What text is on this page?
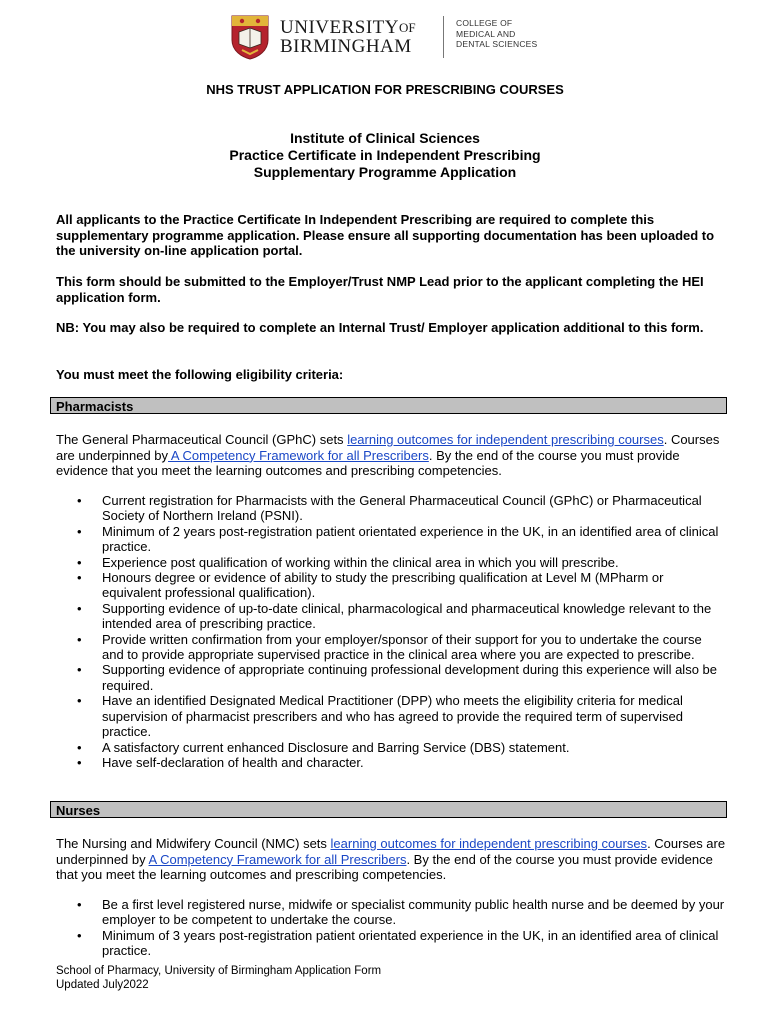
$UNIVERSITY^{OF}$
BIRMINGHAM
COLLEGE OF
MEDICAL AND
DENTAL SCIENCES
NHS TRUST APPLICATION FOR PRESCRIBING COURSES
Institute of Clinical Sciences
Practice Certificate in Independent Prescribing
Supplementary Programme Application
All applicants to the Practice Certificate In Independent Prescribing are required to complete this supplementary programme application. Please ensure all supporting documentation has been uploaded to the university on-line application portal.
This form should be submitted to the Employer/Trust NMP Lead prior to the applicant completing the HEI application form.
NB: You may also be required to complete an Internal Trust/ Employer application additional to this form.
You must meet the following eligibility criteria:
Pharmacists
The General Pharmaceutical Council (GPhC) sets learning outcomes for independent prescribing courses. Courses are underpinned by A Competency Framework for all Prescribers. By the end of the course you must provide evidence that you meet the learning outcomes and prescribing competencies.
• Current registration for Pharmacists with the General Pharmaceutical Council (GPhC) or Pharmaceutical Society of Northern Ireland (PSNI).
• Minimum of 2 years post-registration patient orientated experience in the UK, in an identified area of clinical practice.
• Experience post qualification of working within the clinical area in which you will prescribe.
• Honours degree or evidence of ability to study the prescribing qualification at Level M (MPharm or equivalent professional qualification).
• Supporting evidence of up-to-date clinical, pharmacological and pharmaceutical knowledge relevant to the intended area of prescribing practice.
• Provide written confirmation from your employer/sponsor of their support for you to undertake the course and to provide appropriate supervised practice in the clinical area where you are expected to prescribe.
• Supporting evidence of appropriate continuing professional development during this experience will also be required.
• Have an identified Designated Medical Practitioner (DPP) who meets the eligibility criteria for medical supervision of pharmacist prescribers and who has agreed to provide the required term of supervised practice.
• A satisfactory current enhanced Disclosure and Barring Service (DBS) statement.
• Have self-declaration of health and character.
Nurses
The Nursing and Midwifery Council (NMC) sets learning outcomes for independent prescribing courses. Courses are underpinned by A Competency Framework for all Prescribers. By the end of the course you must provide evidence that you meet the learning outcomes and prescribing competencies.
• Be a first level registered nurse, midwife or specialist community public health nurse and be deemed by your employer to be competent to undertake the course.
• Minimum of 3 years post-registration patient orientated experience in the UK, in an identified area of clinical practice.
School of Pharmacy, University of Birmingham Application Form
Updated July2022
